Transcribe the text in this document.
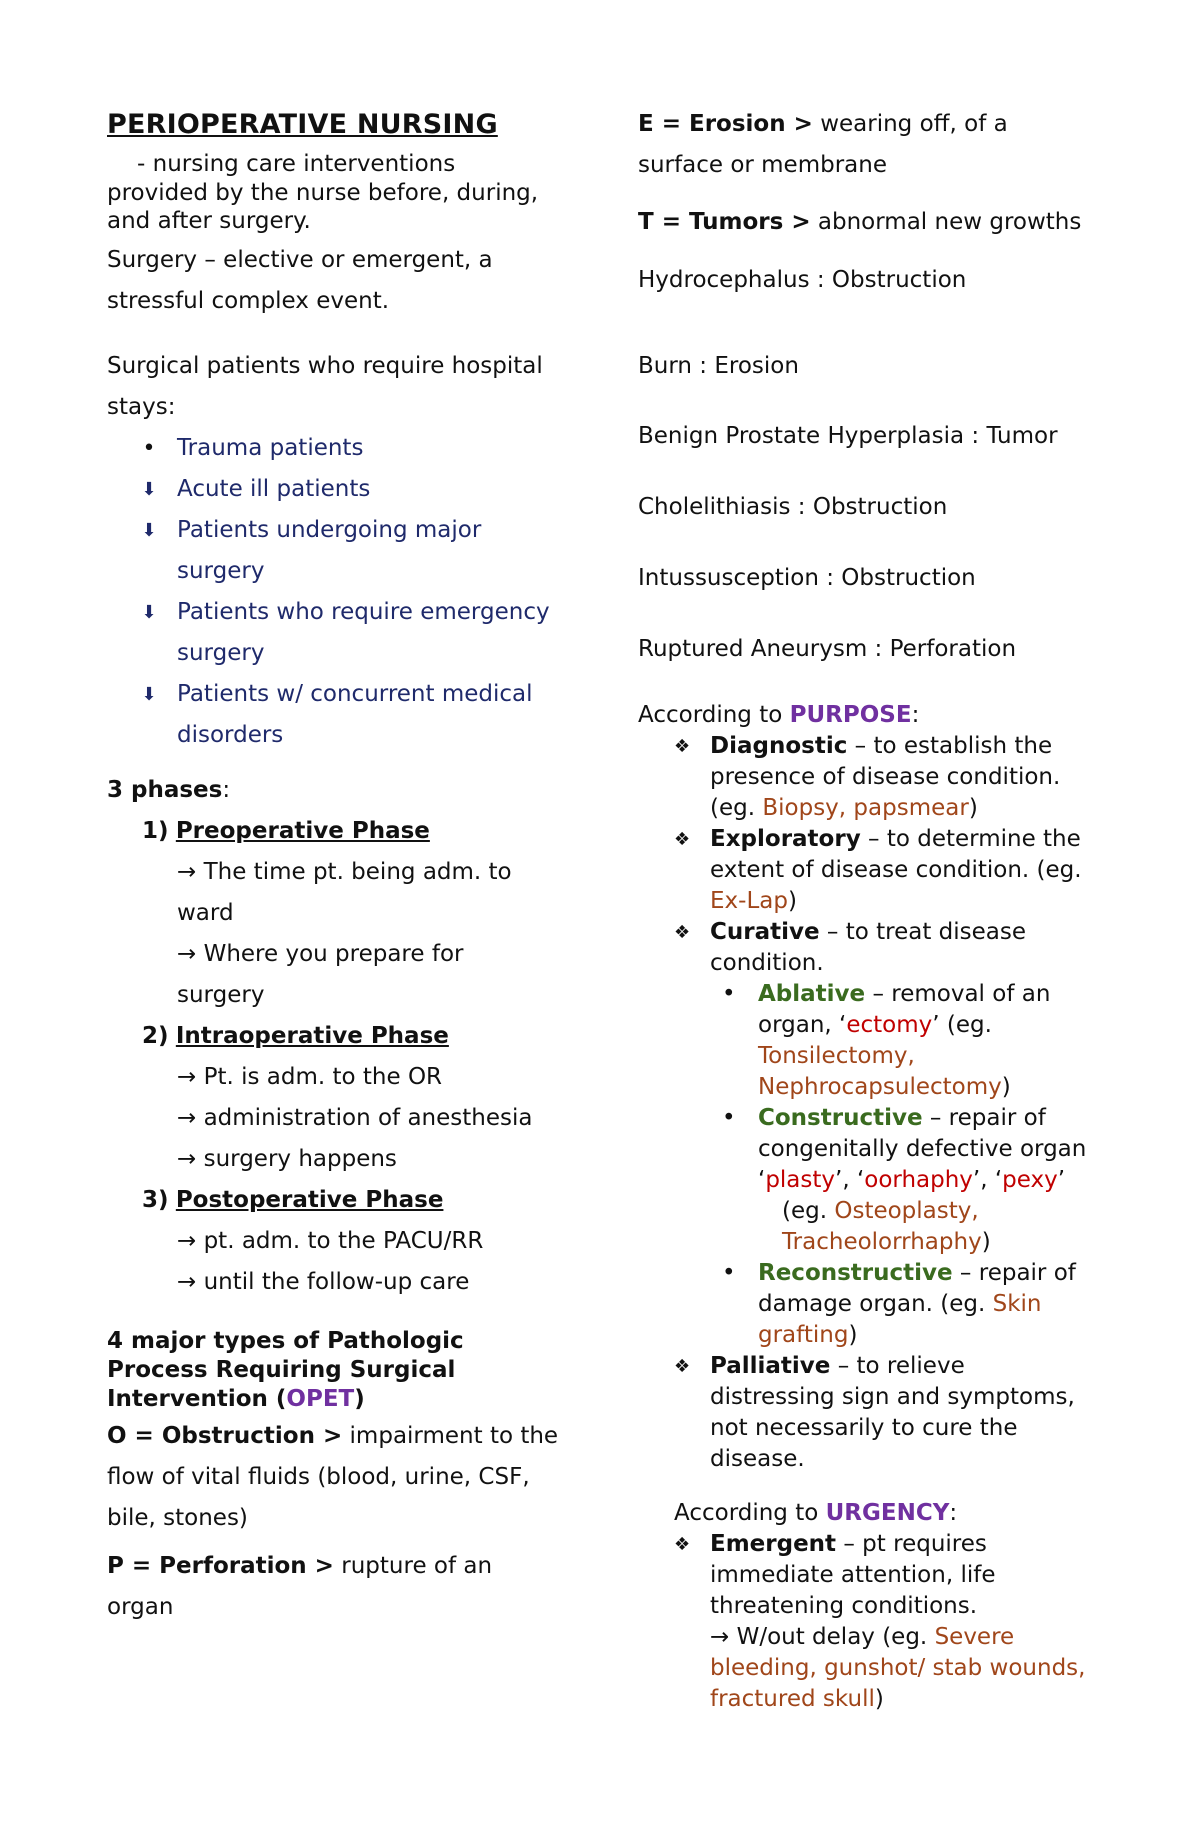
PERIOPERATIVE NURSING

- nursing care interventions

provided by the nurse before, during,

and after surgery.

Surgery – elective or emergent, a

stressful complex event.

Surgical patients who require hospital

stays:

• Trauma patients
⬇ Acute ill patients
⬇ Patients undergoing major
surgery
⬇ Patients who require emergency
surgery
⬇ Patients w/ concurrent medical
disorders

3 phases:

1) Preoperative Phase

→ The time pt. being adm. to

ward

→ Where you prepare for

surgery

2) Intraoperative Phase

→ Pt. is adm. to the OR

→ administration of anesthesia

→ surgery happens

3) Postoperative Phase

→ pt. adm. to the PACU/RR

→ until the follow-up care

4 major types of Pathologic

Process Requiring Surgical

Intervention (OPET)

O = Obstruction > impairment to the

flow of vital fluids (blood, urine, CSF,

bile, stones)

P = Perforation > rupture of an

organ

E = Erosion > wearing off, of a

surface or membrane

T = Tumors > abnormal new growths

Hydrocephalus : Obstruction

Burn : Erosion

Benign Prostate Hyperplasia : Tumor

Cholelithiasis : Obstruction

Intussusception : Obstruction

Ruptured Aneurysm : Perforation

According to PURPOSE:

❖ Diagnostic – to establish the

presence of disease condition.

(eg. Biopsy, papsmear)

❖ Exploratory – to determine the

extent of disease condition. (eg.

Ex-Lap)

❖ Curative – to treat disease

condition.

• Ablative – removal of an

organ, ‘ectomy’ (eg.

Tonsilectomy,

Nephrocapsulectomy)

• Constructive – repair of

congenitally defective organ

‘plasty’, ‘oorhaphy’, ‘pexy’

(eg. Osteoplasty,

Tracheolorrhaphy)

• Reconstructive – repair of

damage organ. (eg. Skin

grafting)

❖ Palliative – to relieve

distressing sign and symptoms,

not necessarily to cure the

disease.

According to URGENCY:

❖ Emergent – pt requires

immediate attention, life

threatening conditions.

→ W/out delay (eg. Severe

bleeding, gunshot/ stab wounds,

fractured skull)
